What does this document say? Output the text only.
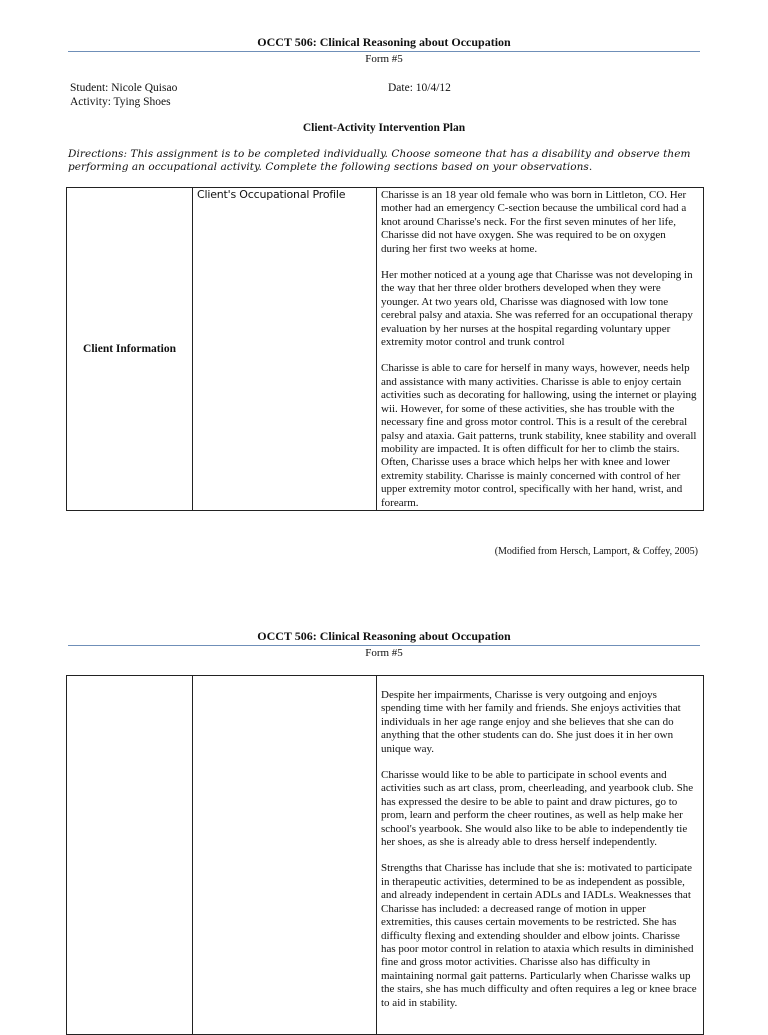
OCCT 506: Clinical Reasoning about Occupation
Form #5
Student: Nicole Quisao
Activity: Tying Shoes
Date: 10/4/12
Client-Activity Intervention Plan
Directions: This assignment is to be completed individually. Choose someone that has a disability and observe them performing an occupational activity. Complete the following sections based on your observations.
Client Information
Client's Occupational Profile	Charisse is an 18 year old female who was born in Littleton, CO. Her mother had an emergency C-section because the umbilical cord had a knot around Charisse's neck. For the first seven minutes of her life, Charisse did not have oxygen. She was required to be on oxygen during her first two weeks at home.

Her mother noticed at a young age that Charisse was not developing in the way that her three older brothers developed when they were younger. At two years old, Charisse was diagnosed with low tone cerebral palsy and ataxia. She was referred for an occupational therapy evaluation by her nurses at the hospital regarding voluntary upper extremity motor control and trunk control

Charisse is able to care for herself in many ways, however, needs help and assistance with many activities. Charisse is able to enjoy certain activities such as decorating for hallowing, using the internet or playing wii. However, for some of these activities, she has trouble with the necessary fine and gross motor control. This is a result of the cerebral palsy and ataxia. Gait patterns, trunk stability, knee stability and overall mobility are impacted. It is often difficult for her to climb the stairs. Often, Charisse uses a brace which helps her with knee and lower extremity stability. Charisse is mainly concerned with control of her upper extremity motor control, specifically with her hand, wrist, and forearm.

(Modified from Hersch, Lamport, & Coffey, 2005)
OCCT 506: Clinical Reasoning about Occupation
Form #5

Despite her impairments, Charisse is very outgoing and enjoys spending time with her family and friends. She enjoys activities that individuals in her age range enjoy and she believes that she can do anything that the other students can do. She just does it in her own unique way.

Charisse would like to be able to participate in school events and activities such as art class, prom, cheerleading, and yearbook club. She has expressed the desire to be able to paint and draw pictures, go to prom, learn and perform the cheer routines, as well as help make her school's yearbook. She would also like to be able to independently tie her shoes, as she is already able to dress herself independently.

Strengths that Charisse has include that she is: motivated to participate in therapeutic activities, determined to be as independent as possible, and already independent in certain ADLs and IADLs. Weaknesses that Charisse has included: a decreased range of motion in upper extremities, this causes certain movements to be restricted. She has difficulty flexing and extending shoulder and elbow joints. Charisse has poor motor control in relation to ataxia which results in diminished fine and gross motor activities. Charisse also has difficulty in maintaining normal gait patterns. Particularly when Charisse walks up the stairs, she has much difficulty and often requires a leg or knee brace to aid in stability.
